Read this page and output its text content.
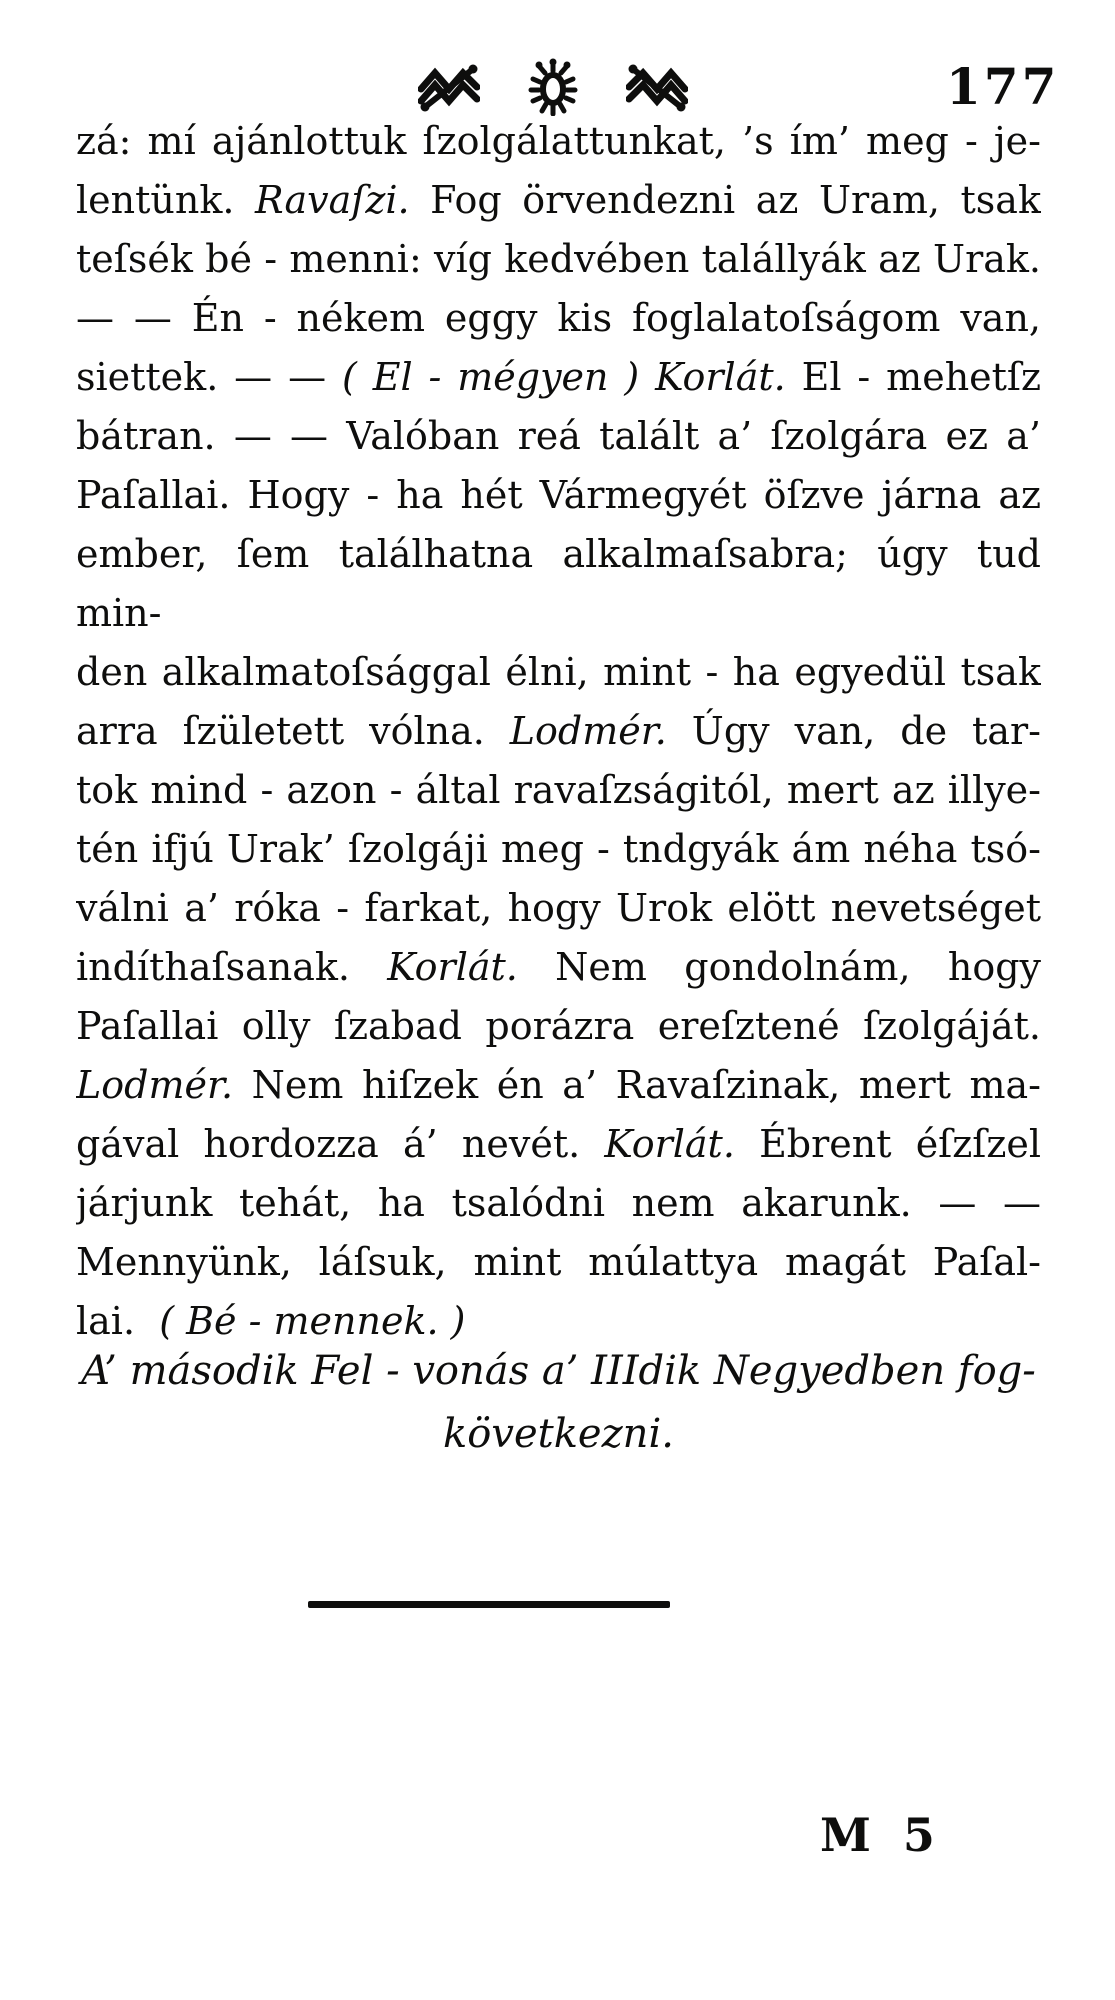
177
zá: mí ajánlottuk ſzolgálattunkat, ’s ím’ meg - je-
lentünk. Ravaſzi. Fog örvendezni az Uram, tsak
teſsék bé - menni: víg kedvében talállyák az Urak.
— — Én - nékem eggy kis foglalatoſságom van,
siettek. — — ( El - mégyen ) Korlát. El - mehetſz
bátran. — — Valóban reá talált a’ ſzolgára ez a’
Paſallai. Hogy - ha hét Vármegyét öſzve járna az
ember, ſem találhatna alkalmaſsabra; úgy tud min-
den alkalmatoſsággal élni, mint - ha egyedül tsak
arra ſzületett vólna. Lodmér. Úgy van, de tar-
tok mind - azon - által ravaſzságitól, mert az illye-
tén ifjú Urak’ ſzolgáji meg - tndgyák ám néha tsó-
válni a’ róka - farkat, hogy Urok elött nevetséget
indíthaſsanak. Korlát. Nem gondolnám, hogy
Paſallai olly ſzabad porázra ereſztené ſzolgáját.
Lodmér. Nem hiſzek én a’ Ravaſzinak, mert ma-
gával hordozza á’ nevét. Korlát. Ébrent éſzſzel
járjunk tehát, ha tsalódni nem akarunk. — —
Mennyünk, láſsuk, mint múlattya magát Paſal-
lai.  ( Bé - mennek. )
A’ második Fel - vonás a’ IIIdik Negyedben fog-
következni.
M 5
